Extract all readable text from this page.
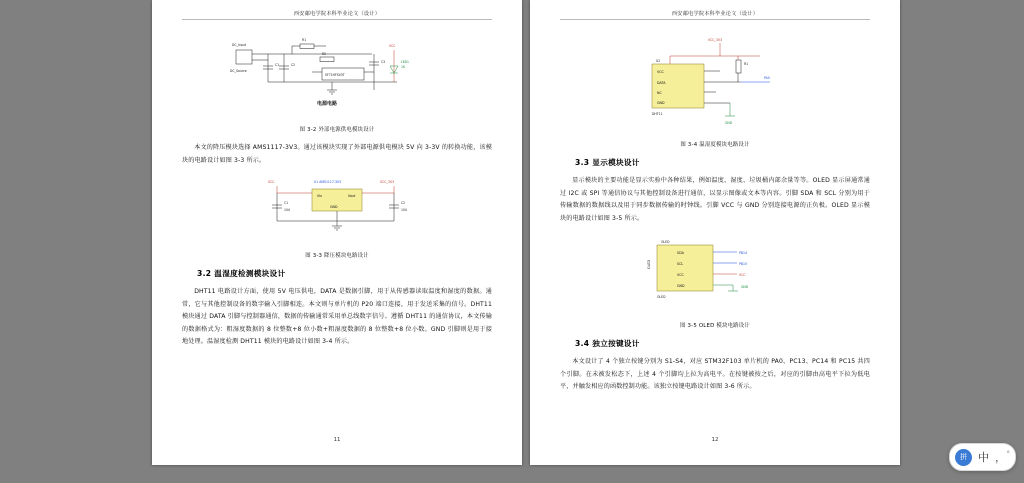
西安邮电学院本科毕业论文（设计）
DC_Input
DC_Source
C1	C2
R1
R2
SF71HFSV3T
C3
VCC
LED1
1K
电源电路
图 3-2 外部电源供电模块设计

本文的降压模块选择 AMS1117-3V3。通过该模块实现了外部电源供电模块 5V 向 3-3V 的转换功能，该模块的电路设计如图 3-3 所示。

VCC	U1 AMS1117-3V3	VCC_3V3
Vin	Vout
GND
C1
104
C2
104
图 3-3 降压模块电路设计
3.2 温湿度检测模块设计

DHT11 电路设计方面，使用 5V 电压供电，DATA 是数据引脚，用于从传感器读取温度和湿度的数据。通常，它与其他控制设备的数字输入引脚相连。本文则与单片机的 P20 端口连接，用于发送采集的信号。DHT11 模块通过 DATA 引脚与控制器通信，数据的传输通常采用单总线数字信号。遵循 DHT11 的通信协议，本文传输的数据格式为：粗湿度数据的 8 位整数+8 位小数+粗湿度数据的 8 位整数+8 位小数。GND 引脚则是用于接地处理。温湿度检测 DHT11 模块的电路设计如图 3-4 所示。

11
西安邮电学院本科毕业论文（设计）
VCC_3V3
U2
VCC
DATA
NC
GND
DHT11
R1
PA0
GND
图 3-4 温湿度模块电路设计
3.3 显示模块设计

显示模块的主要功能是显示实验中各种结果，例如温度、湿度、垃圾桶内部余量等等。OLED 显示屏通常通过 I2C 或 SPI 等通信协议与其他控制设备进行通信，以显示图像或文本等内容。引脚 SDA 和 SCL 分别为用于传输数据的数据线以及用于同步数据传输的时钟线。引脚 VCC 与 GND 分别连接电源的正负极。OLED 显示模块的电路设计如图 3-5 所示。

OLED
OLED
SDA
SCL
VCC
GND
OLED
PB14
PB15
VCC
GND
图 3-5 OLED 模块电路设计
3.4 独立按键设计

本文设计了 4 个独立按键分别为 S1-S4，对应 STM32F103 单片机的 PA0、PC13、PC14 和 PC15 共四个引脚。在未被发松态下，上述 4 个引脚均上拉为高电平。在按键被按之后，对应的引脚由高电平下拉为低电平，并触发相应的函数控制功能。该独立按键电路设计如图 3-6 所示。

12
拼	中 ， °
